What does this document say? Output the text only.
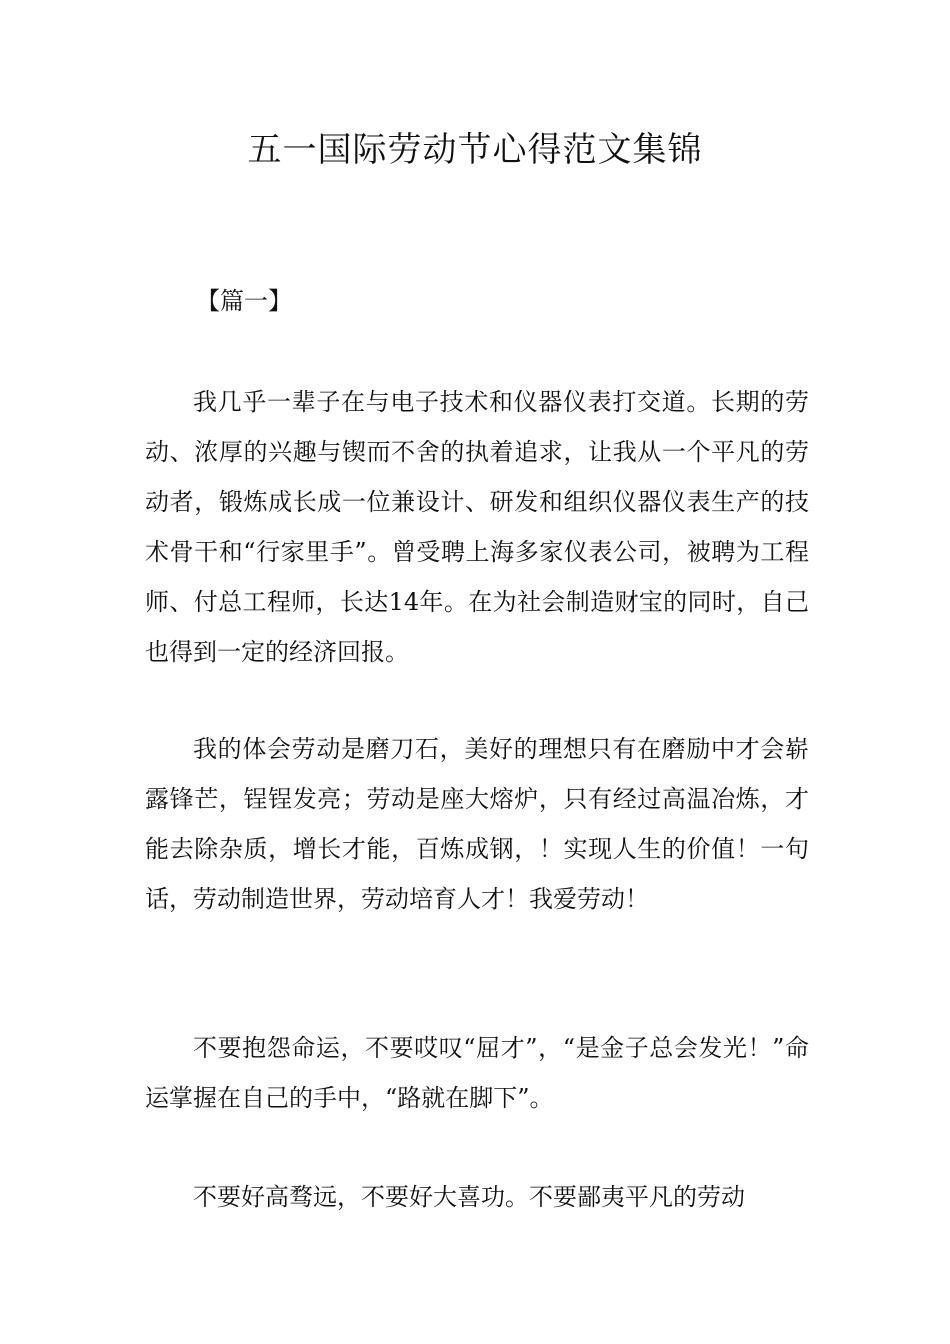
五一国际劳动节心得范文集锦

【篇一】

我几乎一辈子在与电子技术和仪器仪表打交道。长期的劳动、浓厚的兴趣与锲而不舍的执着追求，让我从一个平凡的劳动者，锻炼成长成一位兼设计、研发和组织仪器仪表生产的技术骨干和“行家里手”。曾受聘上海多家仪表公司，被聘为工程师、付总工程师，长达14年。在为社会制造财宝的同时，自己也得到一定的经济回报。

我的体会劳动是磨刀石，美好的理想只有在磨励中才会崭露锋芒，锃锃发亮；劳动是座大熔炉，只有经过高温冶炼，才能去除杂质，增长才能，百炼成钢，！实现人生的价值！一句话，劳动制造世界，劳动培育人才！我爱劳动！

不要抱怨命运，不要哎叹“屈才”，“是金子总会发光！”命运掌握在自己的手中，“路就在脚下”。

不要好高骛远，不要好大喜功。不要鄙夷平凡的劳动
